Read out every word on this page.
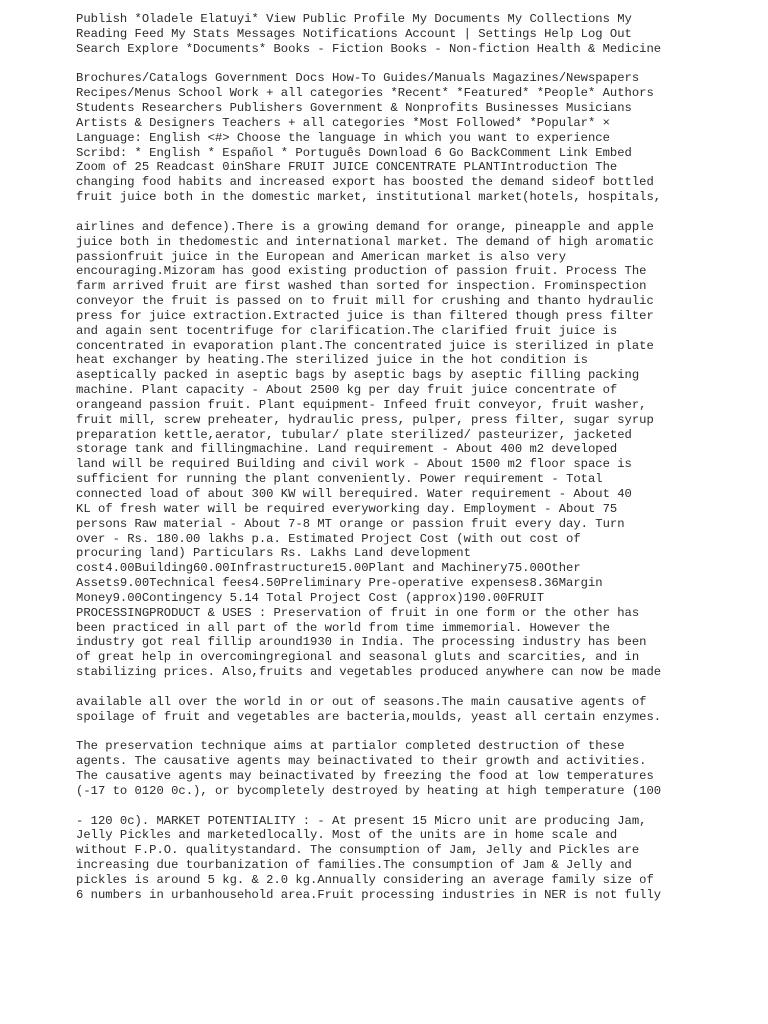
Publish *Oladele Elatuyi* View Public Profile My Documents My Collections My
Reading Feed My Stats Messages Notifications Account | Settings Help Log Out
Search Explore *Documents* Books - Fiction Books - Non-fiction Health & Medicine
Brochures/Catalogs Government Docs How-To Guides/Manuals Magazines/Newspapers
Recipes/Menus School Work + all categories *Recent* *Featured* *People* Authors
Students Researchers Publishers Government & Nonprofits Businesses Musicians
Artists & Designers Teachers + all categories *Most Followed* *Popular* ×
Language: English <#> Choose the language in which you want to experience
Scribd: * English * Español * Português Download 6 Go BackComment Link Embed
Zoom of 25 Readcast 0inShare FRUIT JUICE CONCENTRATE PLANTIntroduction The
changing food habits and increased export has boosted the demand sideof bottled
fruit juice both in the domestic market, institutional market(hotels, hospitals,
airlines and defence).There is a growing demand for orange, pineapple and apple
juice both in thedomestic and international market. The demand of high aromatic
passionfruit juice in the European and American market is also very
encouraging.Mizoram has good existing production of passion fruit. Process The
farm arrived fruit are first washed than sorted for inspection. Frominspection
conveyor the fruit is passed on to fruit mill for crushing and thanto hydraulic
press for juice extraction.Extracted juice is than filtered though press filter
and again sent tocentrifuge for clarification.The clarified fruit juice is
concentrated in evaporation plant.The concentrated juice is sterilized in plate
heat exchanger by heating.The sterilized juice in the hot condition is
aseptically packed in aseptic bags by aseptic bags by aseptic filling packing
machine. Plant capacity - About 2500 kg per day fruit juice concentrate of
orangeand passion fruit. Plant equipment- Infeed fruit conveyor, fruit washer,
fruit mill, screw preheater, hydraulic press, pulper, press filter, sugar syrup
preparation kettle,aerator, tubular/ plate sterilized/ pasteurizer, jacketed
storage tank and fillingmachine. Land requirement - About 400 m2 developed
land will be required Building and civil work - About 1500 m2 floor space is
sufficient for running the plant conveniently. Power requirement - Total
connected load of about 300 KW will berequired. Water requirement - About 40
KL of fresh water will be required everyworking day. Employment - About 75
persons Raw material - About 7-8 MT orange or passion fruit every day. Turn
over - Rs. 180.00 lakhs p.a. Estimated Project Cost (with out cost of
procuring land) Particulars Rs. Lakhs Land development
cost4.00Building60.00Infrastructure15.00Plant and Machinery75.00Other
Assets9.00Technical fees4.50Preliminary Pre-operative expenses8.36Margin
Money9.00Contingency 5.14 Total Project Cost (approx)190.00FRUIT
PROCESSINGPRODUCT & USES : Preservation of fruit in one form or the other has
been practiced in all part of the world from time immemorial. However the
industry got real fillip around1930 in India. The processing industry has been
of great help in overcomingregional and seasonal gluts and scarcities, and in
stabilizing prices. Also,fruits and vegetables produced anywhere can now be made
available all over the world in or out of seasons.The main causative agents of
spoilage of fruit and vegetables are bacteria,moulds, yeast all certain enzymes.
The preservation technique aims at partialor completed destruction of these
agents. The causative agents may beinactivated to their growth and activities.
The causative agents may beinactivated by freezing the food at low temperatures
(-17 to 0120 0c.), or bycompletely destroyed by heating at high temperature (100
- 120 0c). MARKET POTENTIALITY : - At present 15 Micro unit are producing Jam,
Jelly Pickles and marketedlocally. Most of the units are in home scale and
without F.P.O. qualitystandard. The consumption of Jam, Jelly and Pickles are
increasing due tourbanization of families.The consumption of Jam & Jelly and
pickles is around 5 kg. & 2.0 kg.Annually considering an average family size of
6 numbers in urbanhousehold area.Fruit processing industries in NER is not fully
